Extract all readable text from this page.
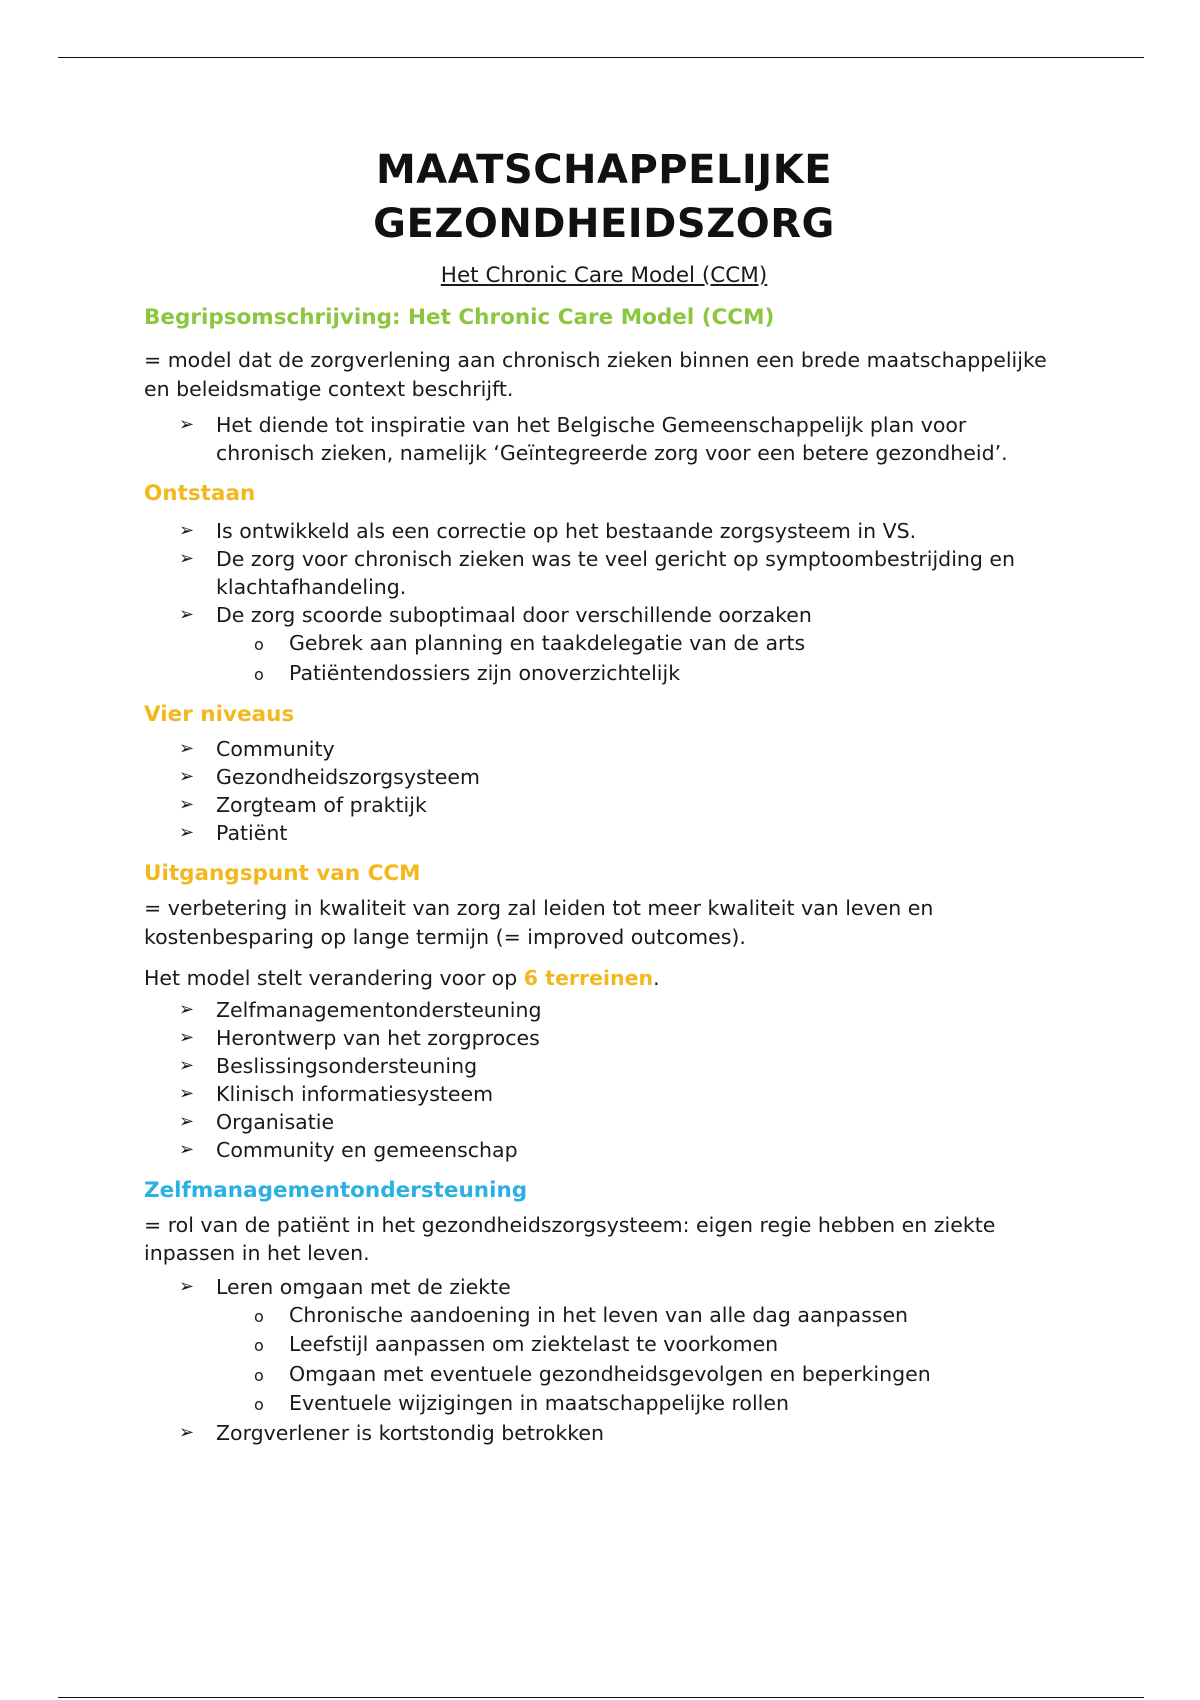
MAATSCHAPPELIJKE
GEZONDHEIDSZORG
Het Chronic Care Model (CCM)
Begripsomschrijving: Het Chronic Care Model (CCM)

= model dat de zorgverlening aan chronisch zieken binnen een brede maatschappelijke en beleidsmatige context beschrijft.

➢ Het diende tot inspiratie van het Belgische Gemeenschappelijk plan voor chronisch zieken, namelijk ‘Geïntegreerde zorg voor een betere gezondheid’.
Ontstaan
➢ Is ontwikkeld als een correctie op het bestaande zorgsysteem in VS.
➢ De zorg voor chronisch zieken was te veel gericht op symptoombestrijding en klachtafhandeling.
➢ De zorg scoorde suboptimaal door verschillende oorzaken
o Gebrek aan planning en taakdelegatie van de arts
o Patiëntendossiers zijn onoverzichtelijk
Vier niveaus
➢ Community
➢ Gezondheidszorgsysteem
➢ Zorgteam of praktijk
➢ Patiënt
Uitgangspunt van CCM

= verbetering in kwaliteit van zorg zal leiden tot meer kwaliteit van leven en kostenbesparing op lange termijn (= improved outcomes).

Het model stelt verandering voor op 6 terreinen.

➢ Zelfmanagementondersteuning
➢ Herontwerp van het zorgproces
➢ Beslissingsondersteuning
➢ Klinisch informatiesysteem
➢ Organisatie
➢ Community en gemeenschap
Zelfmanagementondersteuning

= rol van de patiënt in het gezondheidszorgsysteem: eigen regie hebben en ziekte inpassen in het leven.

➢ Leren omgaan met de ziekte
o Chronische aandoening in het leven van alle dag aanpassen
o Leefstijl aanpassen om ziektelast te voorkomen
o Omgaan met eventuele gezondheidsgevolgen en beperkingen
o Eventuele wijzigingen in maatschappelijke rollen
➢ Zorgverlener is kortstondig betrokken
